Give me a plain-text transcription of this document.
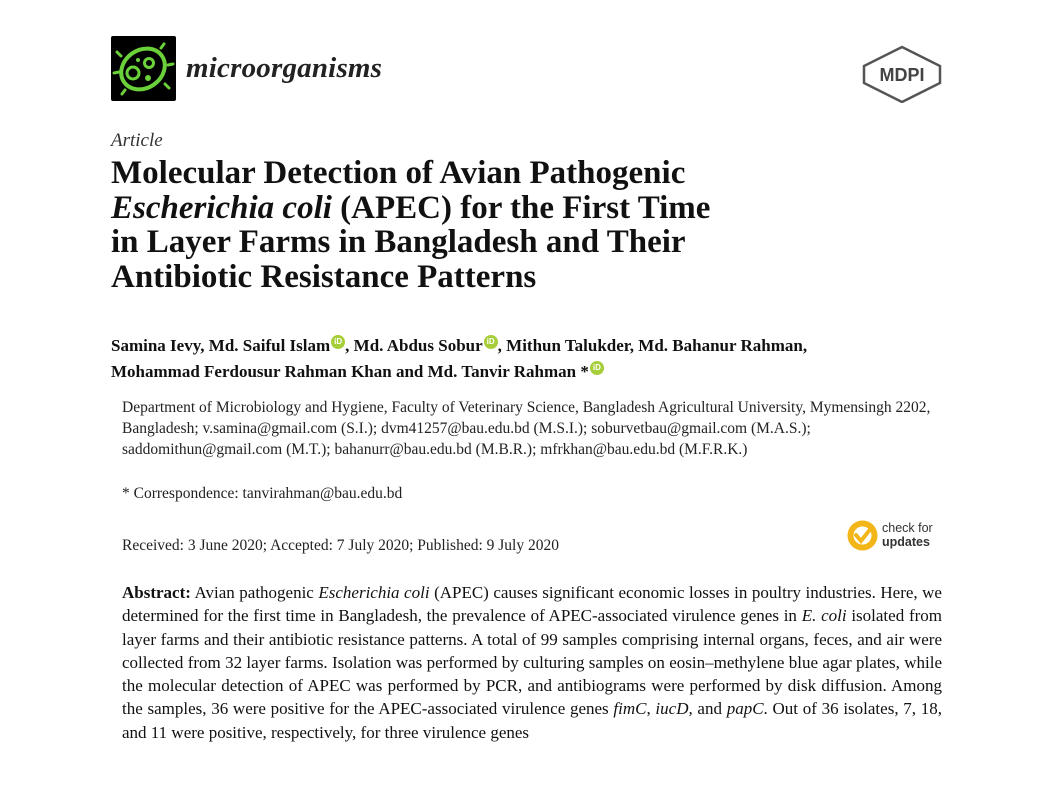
microorganisms	MDPI
Article
Molecular Detection of Avian Pathogenic
Escherichia coli (APEC) for the First Time
in Layer Farms in Bangladesh and Their
Antibiotic Resistance Patterns
Samina Ievy, Md. Saiful Islam iD , Md. Abdus Sobur iD , Mithun Talukder, Md. Bahanur Rahman,
Mohammad Ferdousur Rahman Khan and Md. Tanvir Rahman * iD
Department of Microbiology and Hygiene, Faculty of Veterinary Science, Bangladesh Agricultural University, Mymensingh 2202, Bangladesh; v.samina@gmail.com (S.I.); dvm41257@bau.edu.bd (M.S.I.); soburvetbau@gmail.com (M.A.S.); saddomithun@gmail.com (M.T.); bahanurr@bau.edu.bd (M.B.R.); mfrkhan@bau.edu.bd (M.F.R.K.)
* Correspondence: tanvirahman@bau.edu.bd
Received: 3 June 2020; Accepted: 7 July 2020; Published: 9 July 2020
check for
updates
Abstract: Avian pathogenic Escherichia coli (APEC) causes significant economic losses in poultry industries. Here, we determined for the first time in Bangladesh, the prevalence of APEC-associated virulence genes in E. coli isolated from layer farms and their antibiotic resistance patterns. A total of 99 samples comprising internal organs, feces, and air were collected from 32 layer farms. Isolation was performed by culturing samples on eosin–methylene blue agar plates, while the molecular detection of APEC was performed by PCR, and antibiograms were performed by disk diffusion. Among the samples, 36 were positive for the APEC-associated virulence genes fimC, iucD, and papC. Out of 36 isolates, 7, 18, and 11 were positive, respectively, for three virulence genes
